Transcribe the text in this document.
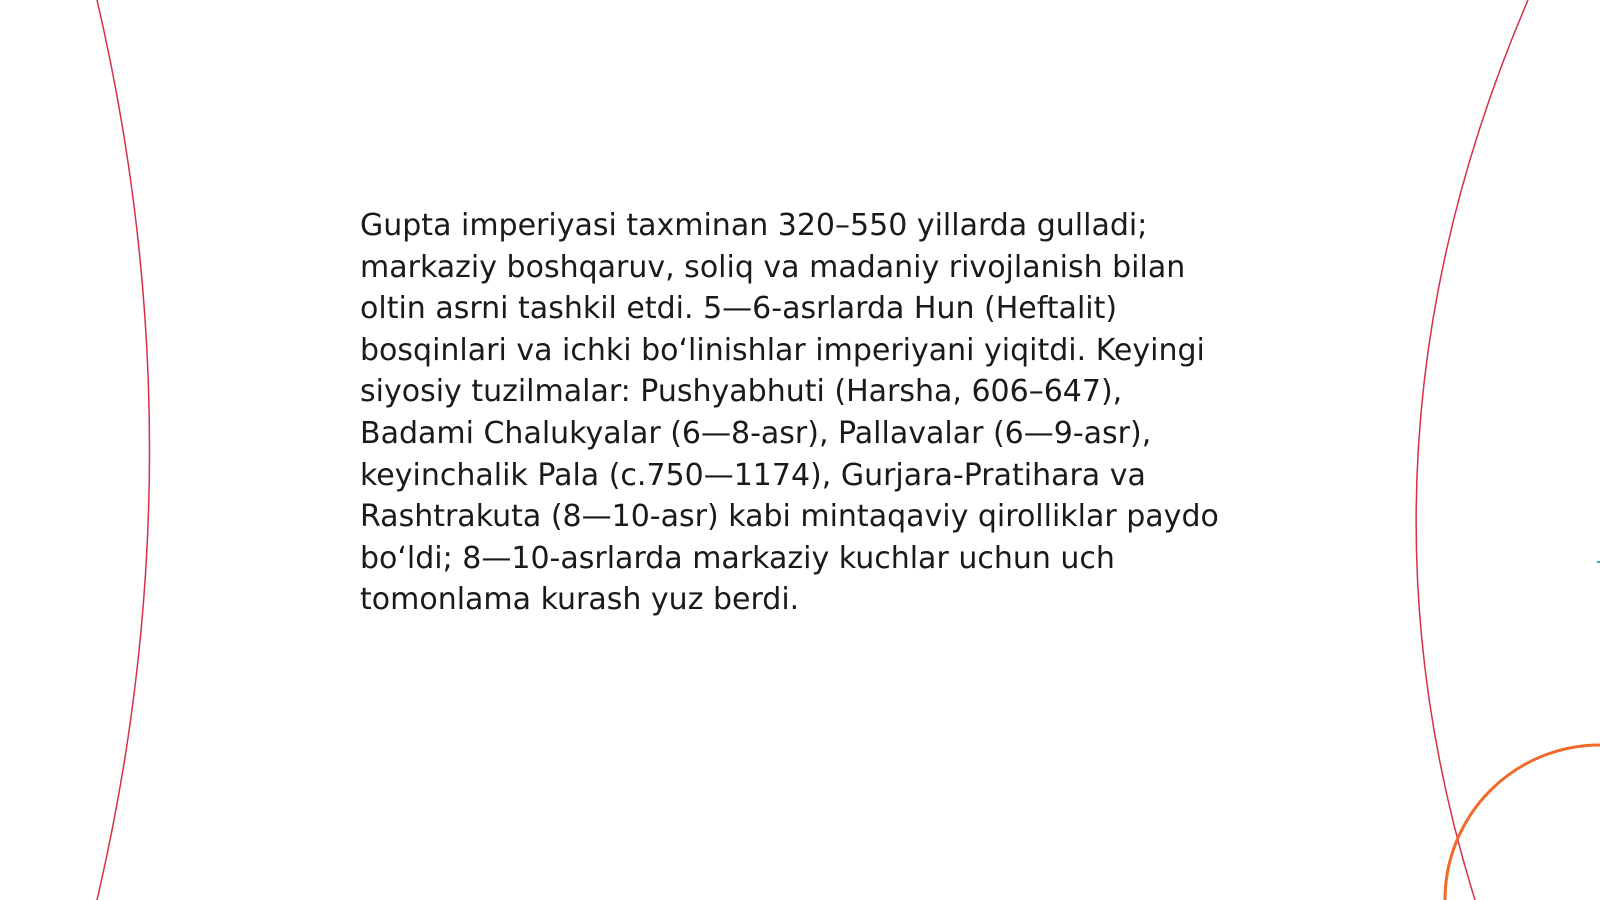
Gupta imperiyasi taxminan 320–550 yillarda gulladi; markaziy boshqaruv, soliq va madaniy rivojlanish bilan oltin asrni tashkil etdi. 5—6-asrlarda Hun (Heftalit) bosqinlari va ichki boʻlinishlar imperiyani yiqitdi. Keyingi siyosiy tuzilmalar: Pushyabhuti (Harsha, 606–647), Badami Chalukyalar (6—8-asr), Pallavalar (6—9-asr), keyinchalik Pala (c.750—1174), Gurjara-Pratihara va Rashtrakuta (8—10-asr) kabi mintaqaviy qirolliklar paydo boʻldi; 8—10-asrlarda markaziy kuchlar uchun uch tomonlama kurash yuz berdi.
